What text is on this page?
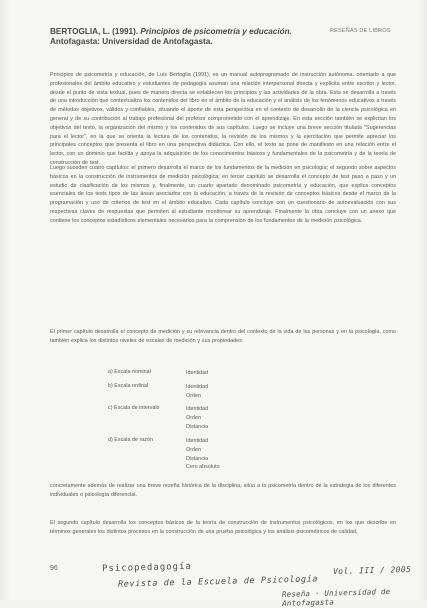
BERTOGLIA, L. (1991). Principios de psicometría y educación. Antofagasta: Universidad de Antofagasta.
RESEÑAS DE LIBROS

Principios de psicometría y educación, de Luis Bertoglia (1991), es un manual autoprogramado de instrucción autónoma, orientado a que profesionales del ámbito educativo y estudiantes de pedagogía asuman una relación interpersonal directa y explícita entre escritor y lector, desde el punto de vista textual, pues de manera directa se establecen los principios y las actividades de la obra. Esta se desarrolla a través de una introducción que contextualiza los contenidos del libro en el ámbito de la educación y el análisis de los fenómenos educativos a través de métodos objetivos, válidos y confiables, situando el aporte de esta perspectiva en el contexto de desarrollo de la ciencia psicológica en general y de su contribución al trabajo profesional del profesor comprometido con el aprendizaje. En esta sección también se explicitan los objetivos del texto, la organización del mismo y los contenidos de sus capítulos. Luego se incluye una breve sección titulada "Sugerencias para el lector", en la que se orienta la lectura de los contenidos, la revisión de los mismos y la ejercitación que permite apreciar los principales conceptos que presenta el libro en una perspectiva didáctica. Con ello, el texto se pone de manifiesto en una relación entre el lector, con un dominio que facilita y apoya la adquisición de los conocimientos básicos y fundamentales de la psicometría y de la teoría de construcción de test.

Luego suceden cuatro capítulos: el primero desarrolla el marco de los fundamentos de la medición en psicología; el segundo sobre aspectos básicos en la construcción de instrumentos de medición psicológica; en tercer capítulo se desarrolla el concepto de test paso a paso y un estudio de clasificación de los mismos y, finalmente, un cuarto apartado denominado psicometría y educación, que explica conceptos esenciales de los tests tipos de las áreas asociados con la educación, a través de la revisión de conceptos básicos desde el marco de la programación y uso de criterios de test en el ámbito educativo. Cada capítulo concluye con un cuestionario de autoevaluación con sus respectivas claves de respuestas que permiten al estudiante monitorear su aprendizaje. Finalmente la obra concluye con un anexo que contiene los conceptos estadísticos elementales necesarios para la comprensión de los fundamentos de la medición psicológica.

El primer capítulo desarrolla el concepto de medición y su relevancia dentro del contexto de la vida de las personas y en la psicología, como también explica los distintos niveles de escalas de medición y sus propiedades:

a) Escala nominal	Identidad
b) Escala ordinal	Identidad
Orden
c) Escala de intervalo	Identidad
Orden
Distancia
d) Escala de razón	Identidad
Orden
Distancia
Cero absoluto

concretamente además de realizar una breve reseña histórica de la disciplina, sitúa a la psicometría dentro de la estrategia de los diferentes individuales o psicología diferencial.

El segundo capítulo desarrolla los conceptos básicos de la teoría de construcción de instrumentos psicológicos, en los que describe en términos generales los distintos procesos en la construcción de una prueba psicológica y los análisis psicométricos de calidad,

96	Psicopedagogía
Revista de la Escuela de Psicología
Vol. III / 2005
Reseña · Universidad de Antofagasta
